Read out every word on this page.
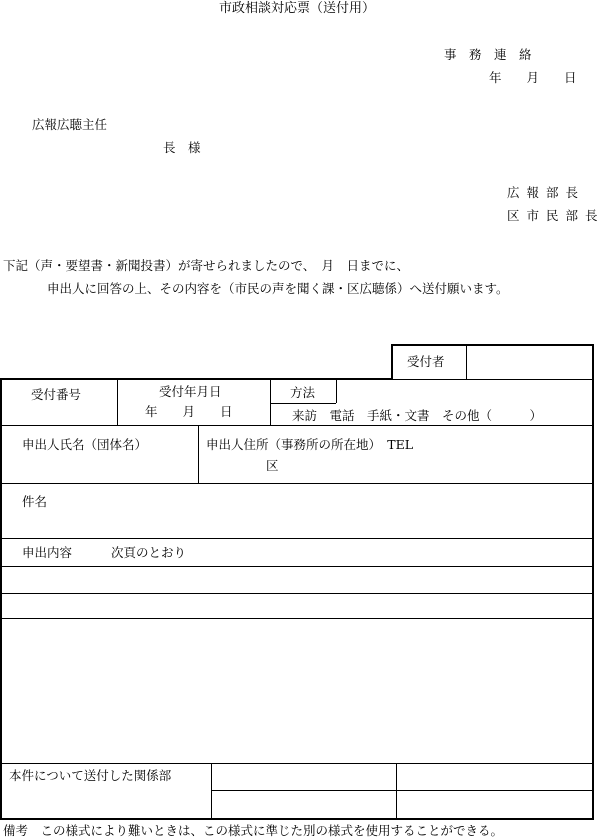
市政相談対応票（送付用）
事　務　連　絡
年　　月　　日
広報広聴主任
長　様
広報部長
区市民部長
下記（声・要望書・新聞投書）が寄せられましたので、　月　日までに、
申出人に回答の上、その内容を（市民の声を聞く課・区広聴係）へ送付願います。
受付者
受付番号	受付年月日
年　　月　　日
方法
来訪　電話　手紙・文書　その他（　　　）
申出人氏名（団体名）	申出人住所（事務所の所在地）　TEL
区
件名
申出内容	次頁のとおり
本件について送付した関係部
備考　この様式により難いときは、この様式に準じた別の様式を使用することができる。
